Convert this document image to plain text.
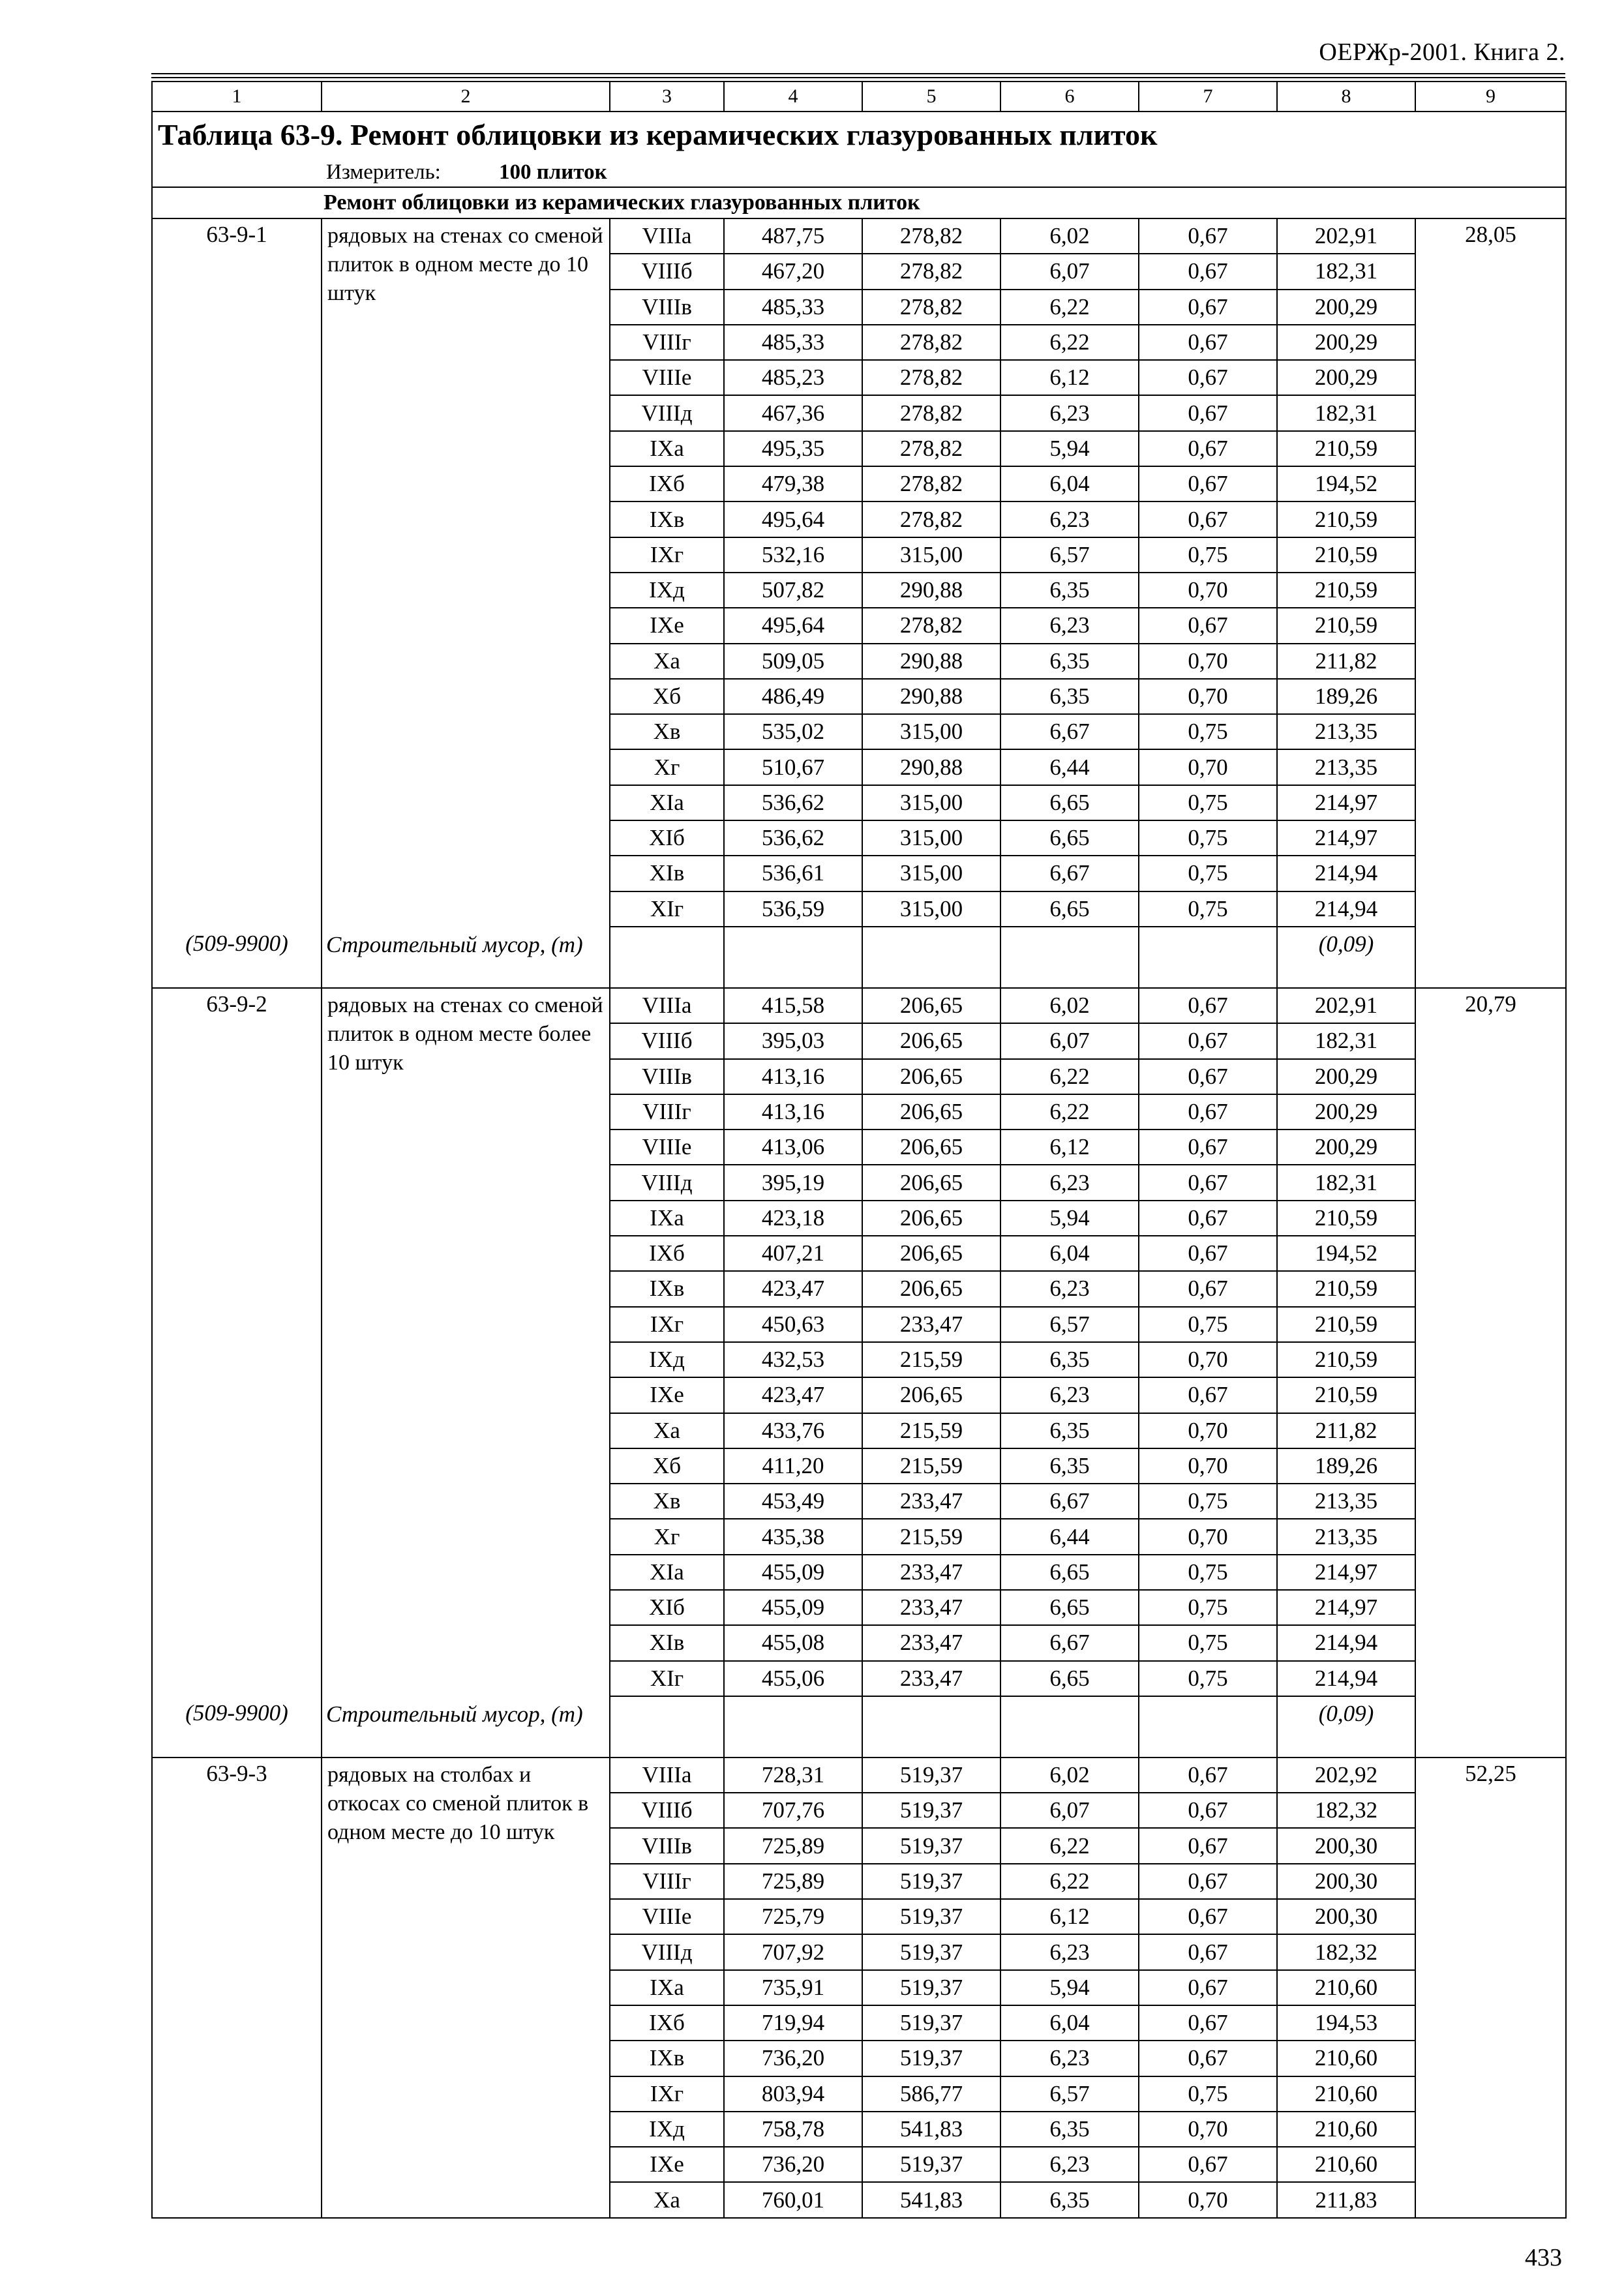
ОЕРЖр-2001. Книга 2.
1	2	3	4	5	6	7	8	9
Таблица 63-9. Ремонт облицовки из керамических глазурованных плиток								
Измеритель: 100 плиток								
Ремонт облицовки из керамических глазурованных плиток								
63-9-1	рядовых на стенах со сменой плиток в одном месте до 10 штук	VIIIа	487,75	278,82	6,02	0,67	202,91	28,05
		VIIIб	467,20	278,82	6,07	0,67	182,31	
		VIIIв	485,33	278,82	6,22	0,67	200,29	
		VIIIг	485,33	278,82	6,22	0,67	200,29	
		VIIIе	485,23	278,82	6,12	0,67	200,29	
		VIIIд	467,36	278,82	6,23	0,67	182,31	
		IXа	495,35	278,82	5,94	0,67	210,59	
		IXб	479,38	278,82	6,04	0,67	194,52	
		IXв	495,64	278,82	6,23	0,67	210,59	
		IXг	532,16	315,00	6,57	0,75	210,59	
		IXд	507,82	290,88	6,35	0,70	210,59	
		IXе	495,64	278,82	6,23	0,67	210,59	
		Xа	509,05	290,88	6,35	0,70	211,82	
		Xб	486,49	290,88	6,35	0,70	189,26	
		Xв	535,02	315,00	6,67	0,75	213,35	
		Xг	510,67	290,88	6,44	0,70	213,35	
		XIа	536,62	315,00	6,65	0,75	214,97	
		XIб	536,62	315,00	6,65	0,75	214,97	
		XIв	536,61	315,00	6,67	0,75	214,94	
		XIг	536,59	315,00	6,65	0,75	214,94	
(509-9900)	Строительный мусор, (т)						(0,09)	
63-9-2	рядовых на стенах со сменой плиток в одном месте более 10 штук	VIIIа	415,58	206,65	6,02	0,67	202,91	20,79
		VIIIб	395,03	206,65	6,07	0,67	182,31	
		VIIIв	413,16	206,65	6,22	0,67	200,29	
		VIIIг	413,16	206,65	6,22	0,67	200,29	
		VIIIе	413,06	206,65	6,12	0,67	200,29	
		VIIIд	395,19	206,65	6,23	0,67	182,31	
		IXа	423,18	206,65	5,94	0,67	210,59	
		IXб	407,21	206,65	6,04	0,67	194,52	
		IXв	423,47	206,65	6,23	0,67	210,59	
		IXг	450,63	233,47	6,57	0,75	210,59	
		IXд	432,53	215,59	6,35	0,70	210,59	
		IXе	423,47	206,65	6,23	0,67	210,59	
		Xа	433,76	215,59	6,35	0,70	211,82	
		Xб	411,20	215,59	6,35	0,70	189,26	
		Xв	453,49	233,47	6,67	0,75	213,35	
		Xг	435,38	215,59	6,44	0,70	213,35	
		XIа	455,09	233,47	6,65	0,75	214,97	
		XIб	455,09	233,47	6,65	0,75	214,97	
		XIв	455,08	233,47	6,67	0,75	214,94	
		XIг	455,06	233,47	6,65	0,75	214,94	
(509-9900)	Строительный мусор, (т)						(0,09)	
63-9-3	рядовых на столбах и откосах со сменой плиток в одном месте до 10 штук	VIIIа	728,31	519,37	6,02	0,67	202,92	52,25
		VIIIб	707,76	519,37	6,07	0,67	182,32	
		VIIIв	725,89	519,37	6,22	0,67	200,30	
		VIIIг	725,89	519,37	6,22	0,67	200,30	
		VIIIе	725,79	519,37	6,12	0,67	200,30	
		VIIIд	707,92	519,37	6,23	0,67	182,32	
		IXа	735,91	519,37	5,94	0,67	210,60	
		IXб	719,94	519,37	6,04	0,67	194,53	
		IXв	736,20	519,37	6,23	0,67	210,60	
		IXг	803,94	586,77	6,57	0,75	210,60	
		IXд	758,78	541,83	6,35	0,70	210,60	
		IXе	736,20	519,37	6,23	0,67	210,60	
		Xа	760,01	541,83	6,35	0,70	211,83	
433
